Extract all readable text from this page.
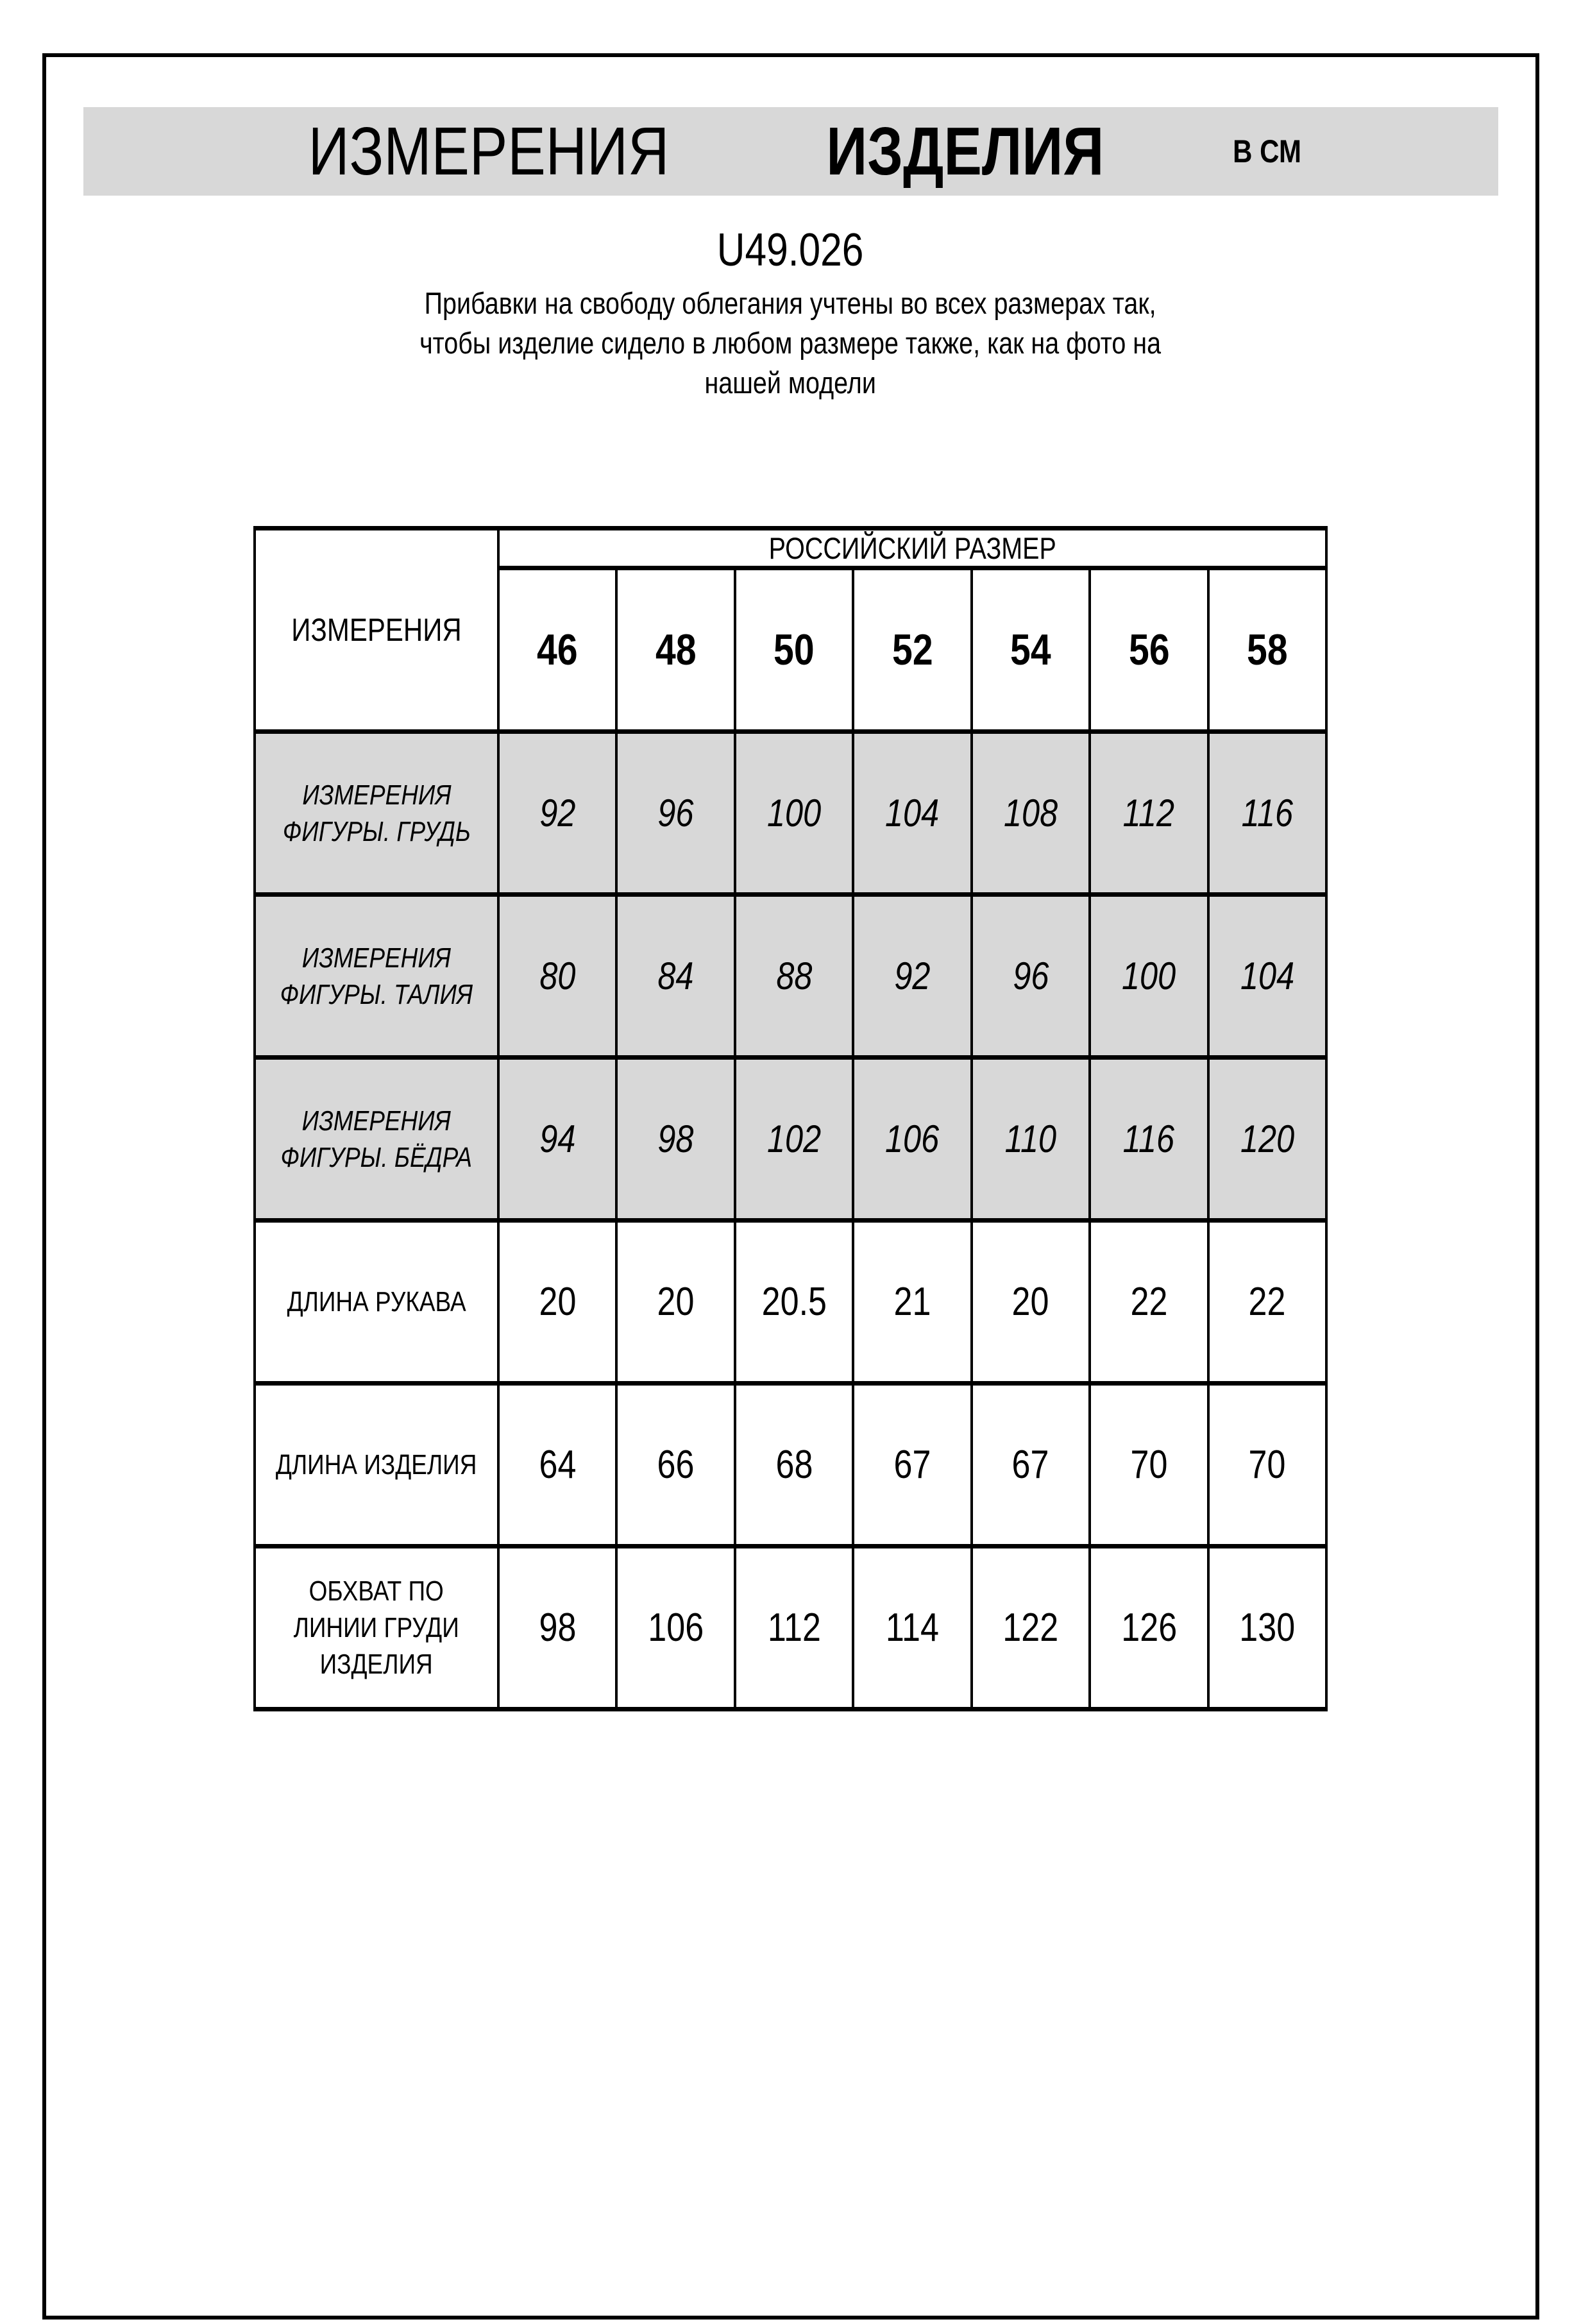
ИЗМЕРЕНИЯ ИЗДЕЛИЯ	В СМ
U49.026
Прибавки на свободу облегания учтены во всех размерах так,
чтобы изделие сидело в любом размере также, как на фото на
нашей модели
ИЗМЕРЕНИЯ	РОССИЙСКИЙ РАЗМЕР						
	46	48	50	52	54	56	58

ИЗМЕРЕНИЯ
ФИГУРЫ. ГРУДЬ	92	96	100	104	108	112	116

ИЗМЕРЕНИЯ
ФИГУРЫ. ТАЛИЯ	80	84	88	92	96	100	104

ИЗМЕРЕНИЯ
ФИГУРЫ. БЁДРА	94	98	102	106	110	116	120

ДЛИНА РУКАВА	20	20	20.5	21	20	22	22

ДЛИНА ИЗДЕЛИЯ	64	66	68	67	67	70	70

ОБХВАТ ПО
ЛИНИИ ГРУДИ
ИЗДЕЛИЯ	98	106	112	114	122	126	130
